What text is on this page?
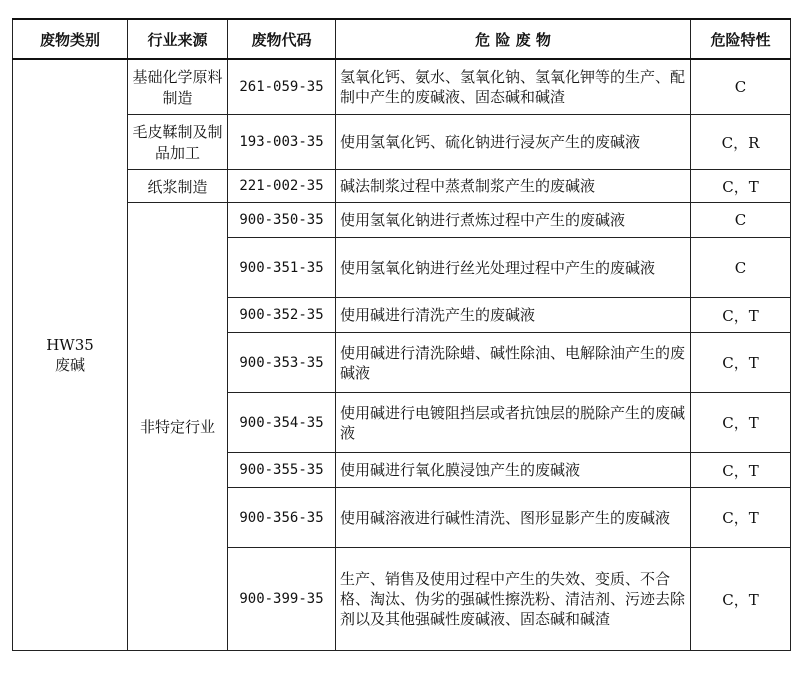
废物类别	行业来源	废物代码	危 险 废 物	危险特性

HW35
废碱	基础化学原料制造	261-059-35	氢氧化钙、氨水、氢氧化钠、氢氧化钾等的生产、配制中产生的废碱液、固态碱和碱渣	C
	毛皮鞣制及制品加工	193-003-35	使用氢氧化钙、硫化钠进行浸灰产生的废碱液	C，R
	纸浆制造	221-002-35	碱法制浆过程中蒸煮制浆产生的废碱液	C，T
	非特定行业	900-350-35	使用氢氧化钠进行煮炼过程中产生的废碱液	C
		900-351-35	使用氢氧化钠进行丝光处理过程中产生的废碱液	C
		900-352-35	使用碱进行清洗产生的废碱液	C，T
		900-353-35	使用碱进行清洗除蜡、碱性除油、电解除油产生的废碱液	C，T
		900-354-35	使用碱进行电镀阻挡层或者抗蚀层的脱除产生的废碱液	C，T
		900-355-35	使用碱进行氧化膜浸蚀产生的废碱液	C，T
		900-356-35	使用碱溶液进行碱性清洗、图形显影产生的废碱液	C，T
		900-399-35	生产、销售及使用过程中产生的失效、变质、不合格、淘汰、伪劣的强碱性擦洗粉、清洁剂、污迹去除剂以及其他强碱性废碱液、固态碱和碱渣	C，T
